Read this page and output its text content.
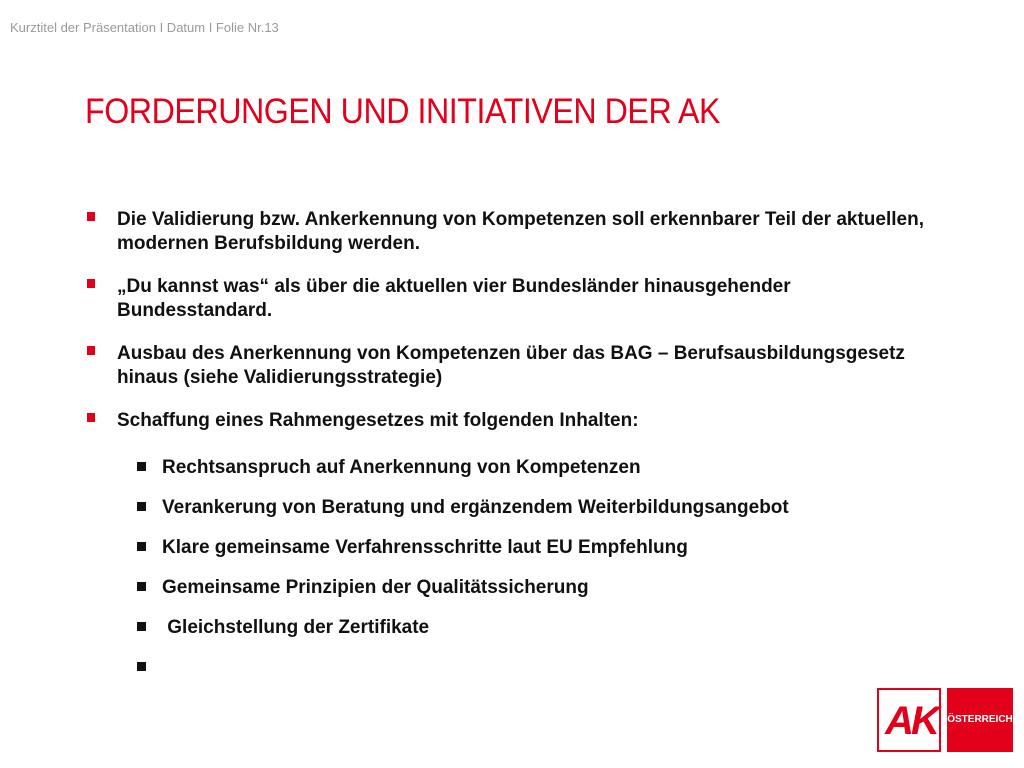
Kurztitel der Präsentation I Datum I Folie Nr.13
FORDERUNGEN UND INITIATIVEN DER AK
Die Validierung bzw. Ankerkennung von Kompetenzen soll erkennbarer Teil der aktuellen, modernen Berufsbildung werden.
„Du kannst was“ als über die aktuellen vier Bundesländer hinausgehender Bundesstandard.
Ausbau des Anerkennung von Kompetenzen über das BAG – Berufsausbildungsgesetz hinaus (siehe Validierungsstrategie)
Schaffung eines Rahmengesetzes mit folgenden Inhalten:
Rechtsanspruch auf Anerkennung von Kompetenzen
Verankerung von Beratung und ergänzendem Weiterbildungsangebot
Klare gemeinsame Verfahrensschritte laut EU Empfehlung
Gemeinsame Prinzipien der Qualitätssicherung
Gleichstellung der Zertifikate
AK	ÖSTERREICH
